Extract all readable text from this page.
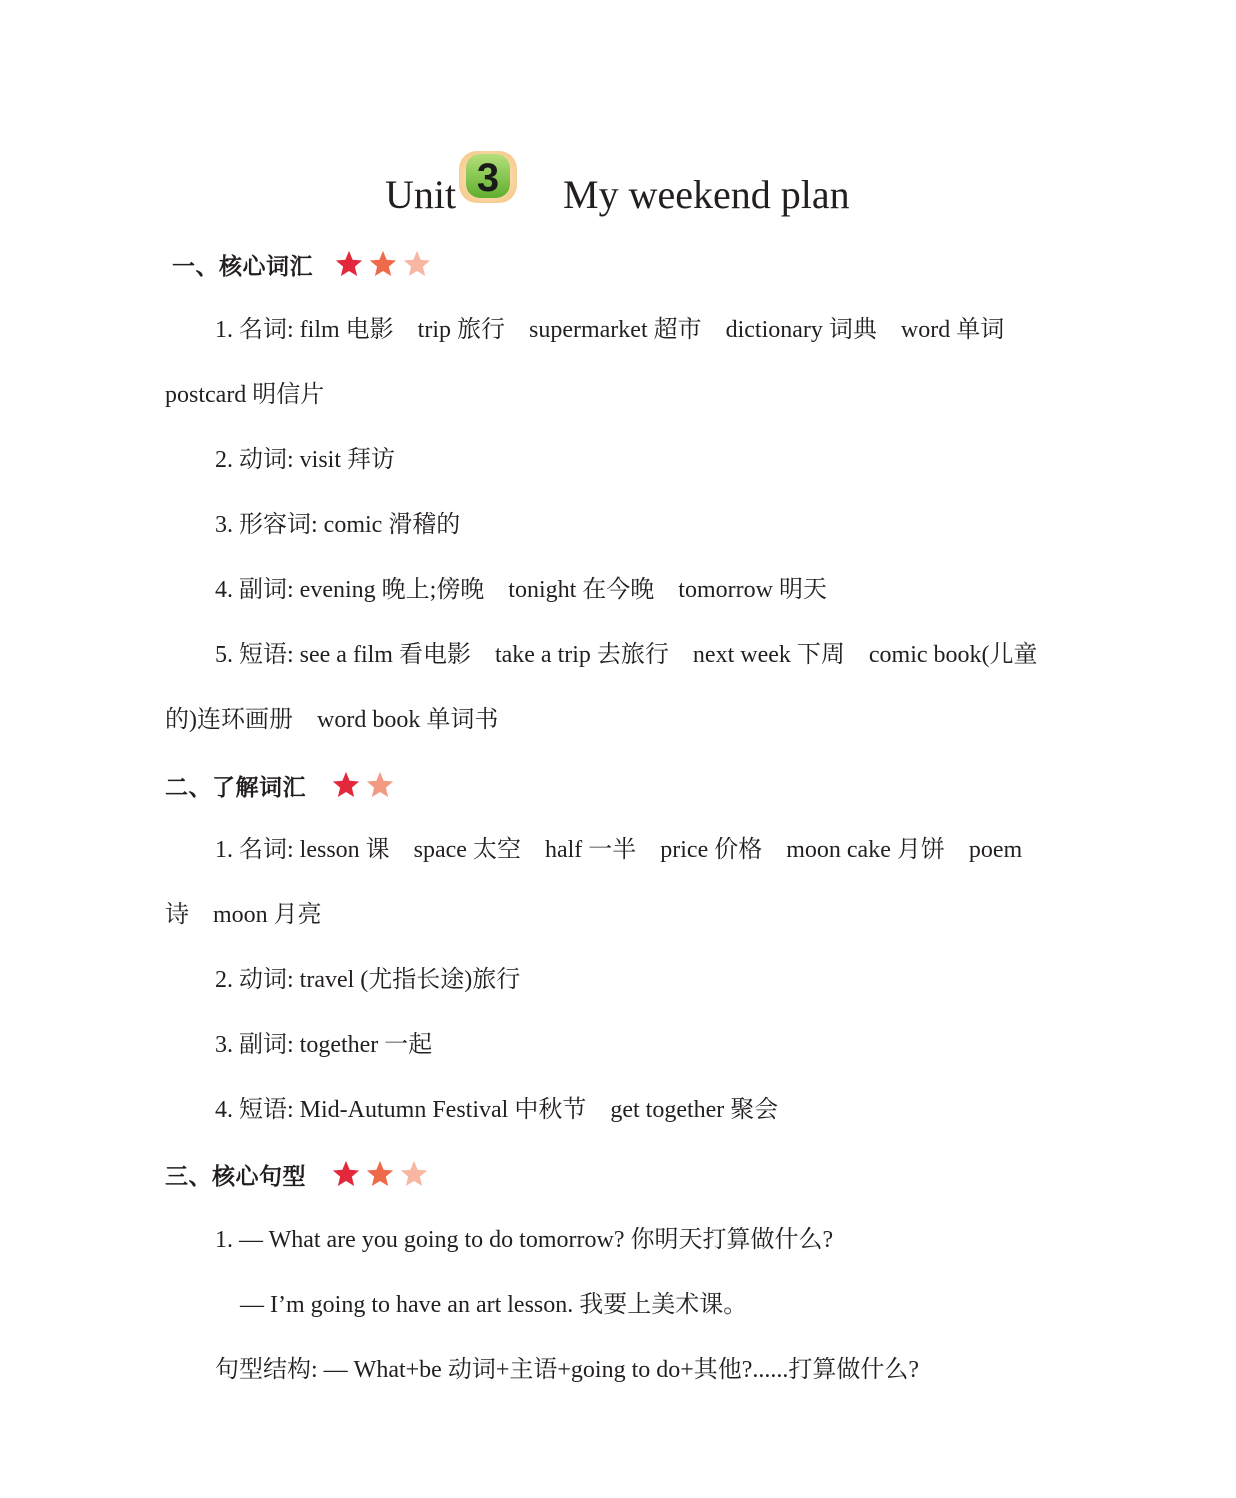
Unit 3 My weekend plan
一、核心词汇
1. 名词: film 电影    trip 旅行    supermarket 超市    dictionary 词典    word 单词
postcard 明信片
2. 动词: visit 拜访
3. 形容词: comic 滑稽的
4. 副词: evening 晚上;傍晚    tonight 在今晚    tomorrow 明天
5. 短语: see a film 看电影    take a trip 去旅行    next week 下周    comic book(儿童
的)连环画册    word book 单词书
二、了解词汇
1. 名词: lesson 课    space 太空    half 一半    price 价格    moon cake 月饼    poem
诗    moon 月亮
2. 动词: travel (尤指长途)旅行
3. 副词: together 一起
4. 短语: Mid-Autumn Festival 中秋节    get together 聚会
三、核心句型
1. — What are you going to do tomorrow? 你明天打算做什么?
— I’m going to have an art lesson. 我要上美术课。
句型结构: — What+be 动词+主语+going to do+其他?......打算做什么?
